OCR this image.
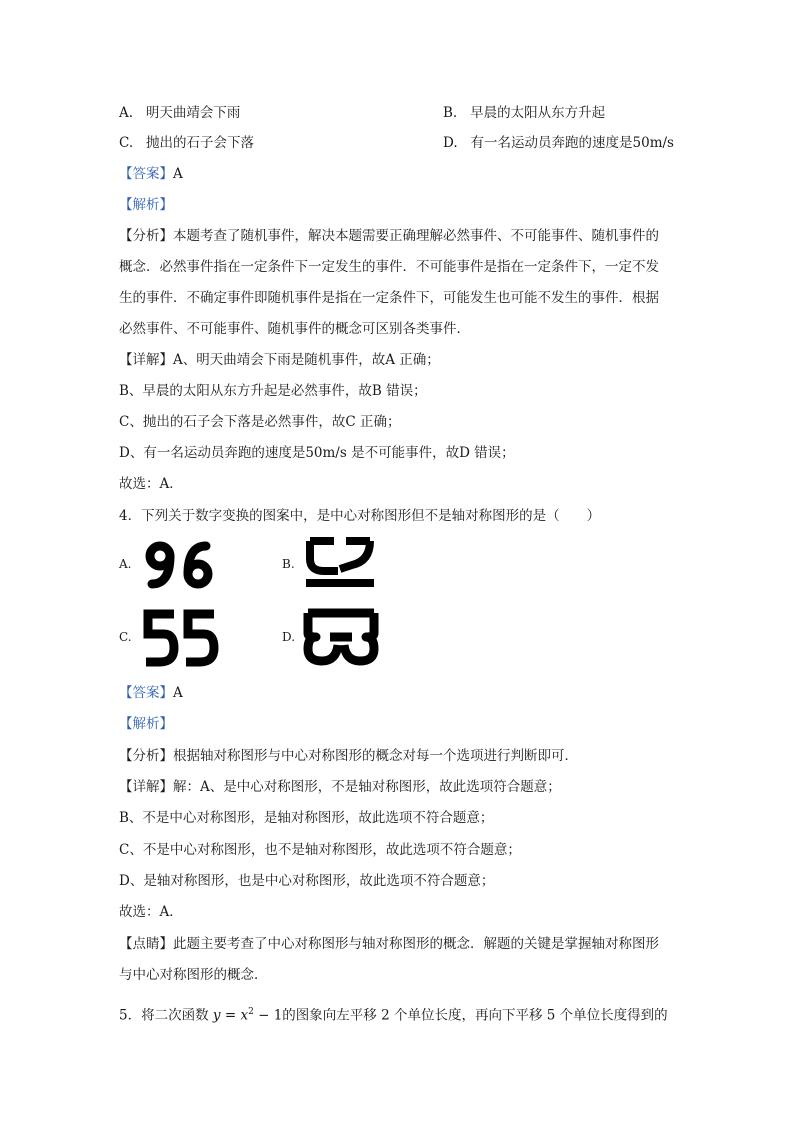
A. 明天曲靖会下雨	B. 早晨的太阳从东方升起
C. 抛出的石子会下落	D. 有一名运动员奔跑的速度是50m/s
【答案】A
【解析】
【分析】本题考查了随机事件，解决本题需要正确理解必然事件、不可能事件、随机事件的
概念．必然事件指在一定条件下一定发生的事件．不可能事件是指在一定条件下，一定不发
生的事件．不确定事件即随机事件是指在一定条件下，可能发生也可能不发生的事件．根据
必然事件、不可能事件、随机事件的概念可区别各类事件．
【详解】A、明天曲靖会下雨是随机事件，故A 正确；
B、早晨的太阳从东方升起是必然事件，故B 错误；
C、抛出的石子会下落是必然事件，故C 正确；
D、有一名运动员奔跑的速度是50m/s 是不可能事件，故D 错误；
故选：A．
4．下列关于数字变换的图案中，是中心对称图形但不是轴对称图形的是（　　）
A.	B.
C.	D.
【答案】A
【解析】
【分析】根据轴对称图形与中心对称图形的概念对每一个选项进行判断即可．
【详解】解：A、是中心对称图形，不是轴对称图形，故此选项符合题意；
B、不是中心对称图形，是轴对称图形，故此选项不符合题意；
C、不是中心对称图形，也不是轴对称图形，故此选项不符合题意；
D、是轴对称图形，也是中心对称图形，故此选项不符合题意；
故选：A．
【点睛】此题主要考查了中心对称图形与轴对称图形的概念．解题的关键是掌握轴对称图形
与中心对称图形的概念．
5．将二次函数 $y = x^2 - 1$的图象向左平移 2 个单位长度，再向下平移 5 个单位长度得到的
